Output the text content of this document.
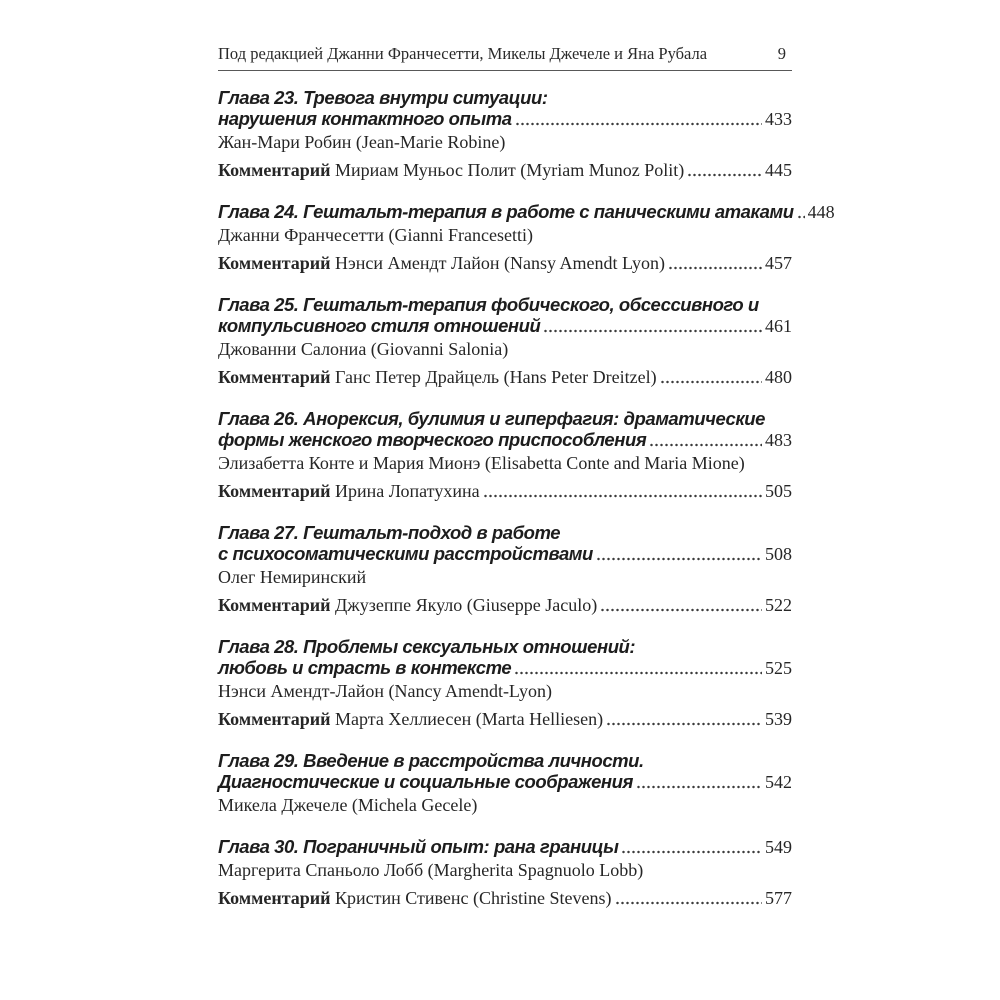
Под редакцией Джанни Франчесетти, Микелы Джечеле и Яна Рубала	9
Глава 23. Тревога внутри ситуации:
нарушения контактного опыта	433
Жан-Мари Робин (Jean-Marie Robine)
Комментарий Мириам Муньос Полит (Myriam Munoz Polit)	445
Глава 24. Гештальт-терапия в работе с паническими атаками 448
Джанни Франчесетти (Gianni Francesetti)
Комментарий Нэнси Амендт Лайон (Nansy Amendt Lyon)	457
Глава 25. Гештальт-терапия фобического, обсессивного и
компульсивного стиля отношений	461
Джованни Салониа (Giovanni Salonia)
Комментарий Ганс Петер Драйцель (Hans Peter Dreitzel)	480
Глава 26. Анорексия, булимия и гиперфагия: драматические
формы женского творческого приспособления	483
Элизабетта Конте и Мария Мионэ (Elisabetta Conte and Maria Mione)
Комментарий Ирина Лопатухина	505
Глава 27. Гештальт-подход в работе
с психосоматическими расстройствами	508
Олег Немиринский
Комментарий Джузеппе Якуло (Giuseppe Jaculo)	522
Глава 28. Проблемы сексуальных отношений:
любовь и страсть в контексте	525
Нэнси Амендт-Лайон (Nancy Amendt-Lyon)
Комментарий Марта Хеллиесен (Marta Helliesen)	539
Глава 29. Введение в расстройства личности.
Диагностические и социальные соображения	542
Микела Джечеле (Michela Gecele)
Глава 30. Пограничный опыт: рана границы	549
Маргерита Спаньоло Лобб (Margherita Spagnuolo Lobb)
Комментарий Кристин Стивенс (Christine Stevens)	577
